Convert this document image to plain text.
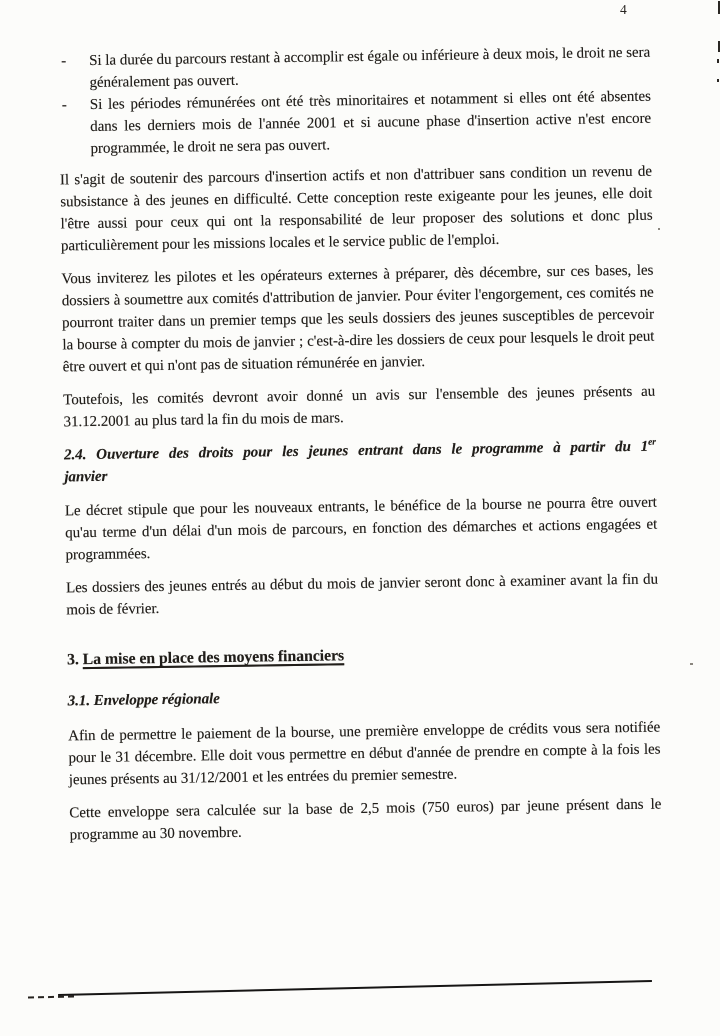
4
-	Si la durée du parcours restant à accomplir est égale ou inférieure à deux mois, le droit ne sera généralement pas ouvert.
-	Si les périodes rémunérées ont été très minoritaires et notamment si elles ont été absentes dans les derniers mois de l'année 2001 et si aucune phase d'insertion active n'est encore programmée, le droit ne sera pas ouvert.

Il s'agit de soutenir des parcours d'insertion actifs et non d'attribuer sans condition un revenu de subsistance à des jeunes en difficulté. Cette conception reste exigeante pour les jeunes, elle doit l'être aussi pour ceux qui ont la responsabilité de leur proposer des solutions et donc plus particulièrement pour les missions locales et le service public de l'emploi.

Vous inviterez les pilotes et les opérateurs externes à préparer, dès décembre, sur ces bases, les dossiers à soumettre aux comités d'attribution de janvier. Pour éviter l'engorgement, ces comités ne pourront traiter dans un premier temps que les seuls dossiers des jeunes susceptibles de percevoir la bourse à compter du mois de janvier ; c'est-à-dire les dossiers de ceux pour lesquels le droit peut être ouvert et qui n'ont pas de situation rémunérée en janvier.

Toutefois, les comités devront avoir donné un avis sur l'ensemble des jeunes présents au 31.12.2001 au plus tard la fin du mois de mars.

2.4. Ouverture des droits pour les jeunes entrant dans le programme à partir du 1er
janvier

Le décret stipule que pour les nouveaux entrants, le bénéfice de la bourse ne pourra être ouvert qu'au terme d'un délai d'un mois de parcours, en fonction des démarches et actions engagées et programmées.

Les dossiers des jeunes entrés au début du mois de janvier seront donc à examiner avant la fin du mois de février.

3. La mise en place des moyens financiers
3.1. Enveloppe régionale

Afin de permettre le paiement de la bourse, une première enveloppe de crédits vous sera notifiée pour le 31 décembre. Elle doit vous permettre en début d'année de prendre en compte à la fois les jeunes présents au 31/12/2001 et les entrées du premier semestre.

Cette enveloppe sera calculée sur la base de 2,5 mois (750 euros) par jeune présent dans le programme au 30 novembre.
